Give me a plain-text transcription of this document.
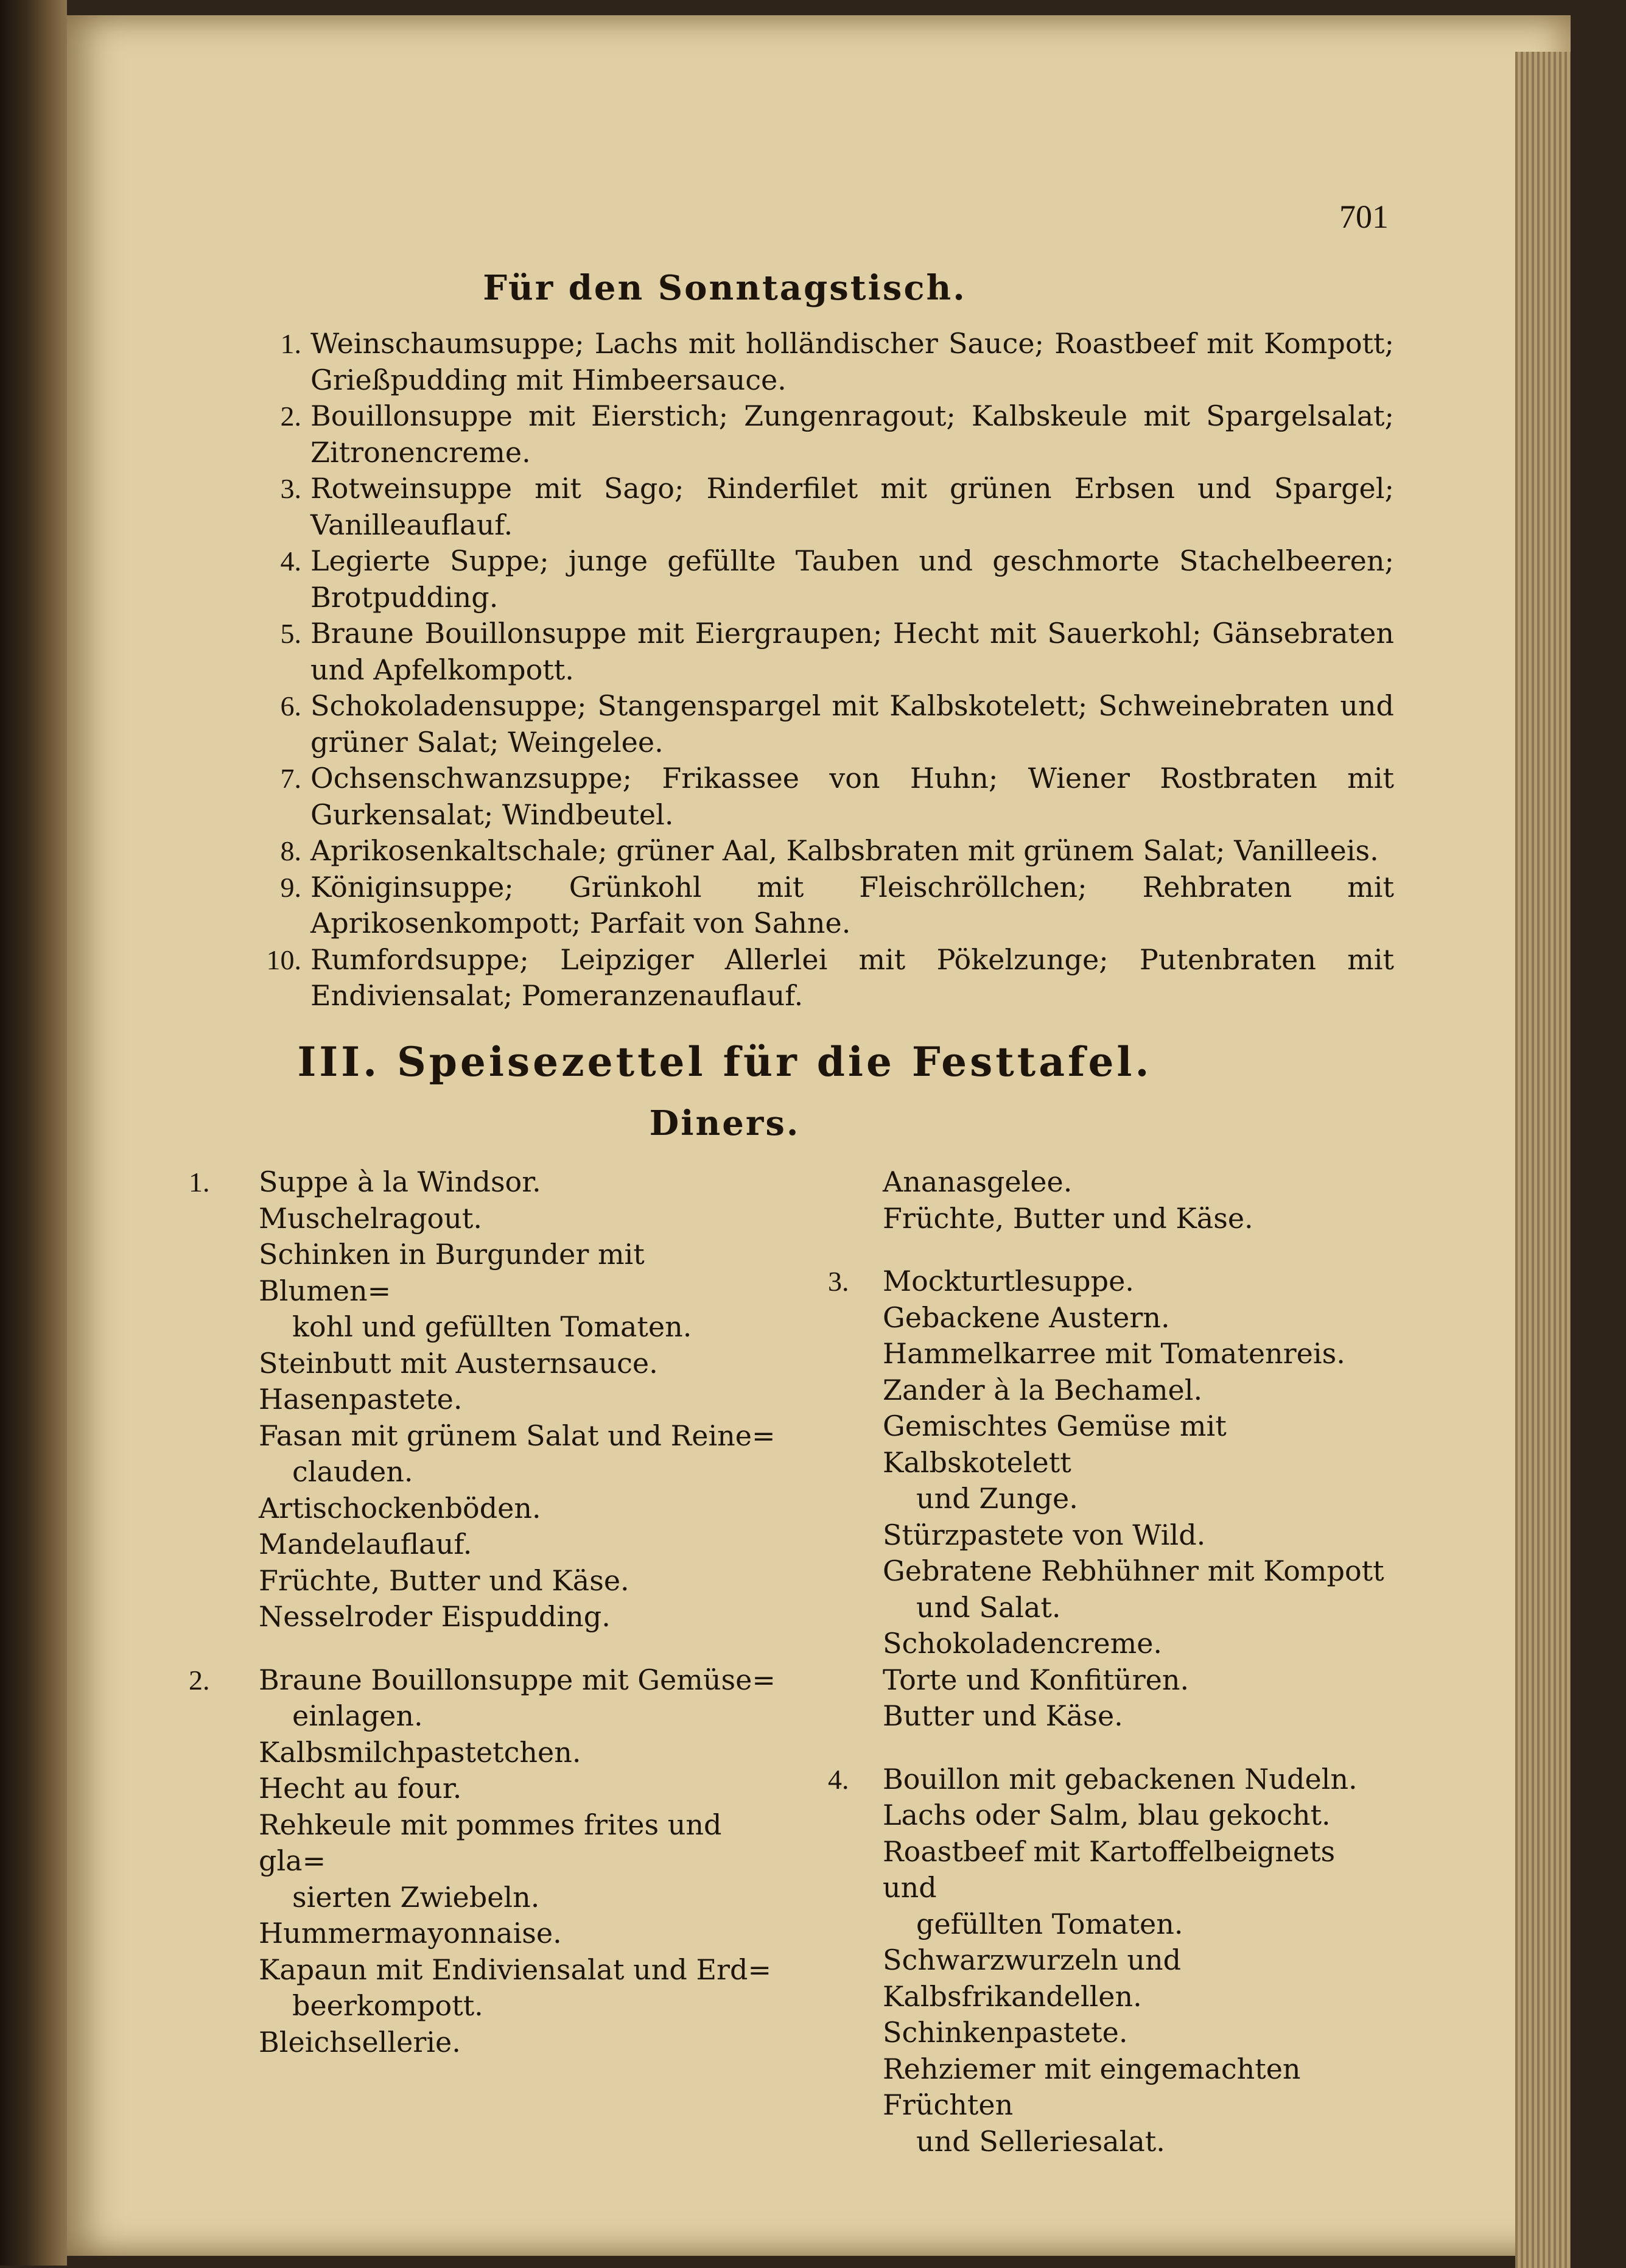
701
Für den Sonntagstisch.
1. Weinschaumsuppe; Lachs mit holländischer Sauce; Roastbeef mit Kompott; Grießpudding mit Himbeersauce.
2. Bouillonsuppe mit Eierstich; Zungenragout; Kalbskeule mit Spargelsalat; Zitronencreme.
3. Rotweinsuppe mit Sago; Rinderfilet mit grünen Erbsen und Spargel; Vanilleauflauf.
4. Legierte Suppe; junge gefüllte Tauben und geschmorte Stachelbeeren; Brotpudding.
5. Braune Bouillonsuppe mit Eiergraupen; Hecht mit Sauerkohl; Gänsebraten und Apfelkompott.
6. Schokoladensuppe; Stangenspargel mit Kalbskotelett; Schweinebraten und grüner Salat; Weingelee.
7. Ochsenschwanzsuppe; Frikassee von Huhn; Wiener Rostbraten mit Gurkensalat; Windbeutel.
8. Aprikosenkaltschale; grüner Aal, Kalbsbraten mit grünem Salat; Vanilleeis.
9. Königinsuppe; Grünkohl mit Fleischröllchen; Rehbraten mit Aprikosenkompott; Parfait von Sahne.
10. Rumfordsuppe; Leipziger Allerlei mit Pökelzunge; Putenbraten mit Endiviensalat; Pomeranzenauflauf.
III. Speisezettel für die Festtafel.
Diners.
1. Suppe à la Windsor.
Muschelragout.
Schinken in Burgunder mit Blumen=
kohl und gefüllten Tomaten.
Steinbutt mit Austernsauce.
Hasenpastete.
Fasan mit grünem Salat und Reine=
clauden.
Artischockenböden.
Mandelauflauf.
Früchte, Butter und Käse.
Nesselroder Eispudding.
2. Braune Bouillonsuppe mit Gemüse=
einlagen.
Kalbsmilchpastetchen.
Hecht au four.
Rehkeule mit pommes frites und gla=
sierten Zwiebeln.
Hummermayonnaise.
Kapaun mit Endiviensalat und Erd=
beerkompott.
Bleichsellerie.
Ananasgelee.
Früchte, Butter und Käse.
3. Mockturtlesuppe.
Gebackene Austern.
Hammelkarree mit Tomatenreis.
Zander à la Bechamel.
Gemischtes Gemüse mit Kalbskotelett
und Zunge.
Stürzpastete von Wild.
Gebratene Rebhühner mit Kompott
und Salat.
Schokoladencreme.
Torte und Konfitüren.
Butter und Käse.
4. Bouillon mit gebackenen Nudeln.
Lachs oder Salm, blau gekocht.
Roastbeef mit Kartoffelbeignets und
gefüllten Tomaten.
Schwarzwurzeln und Kalbsfrikandellen.
Schinkenpastete.
Rehziemer mit eingemachten Früchten
und Selleriesalat.
